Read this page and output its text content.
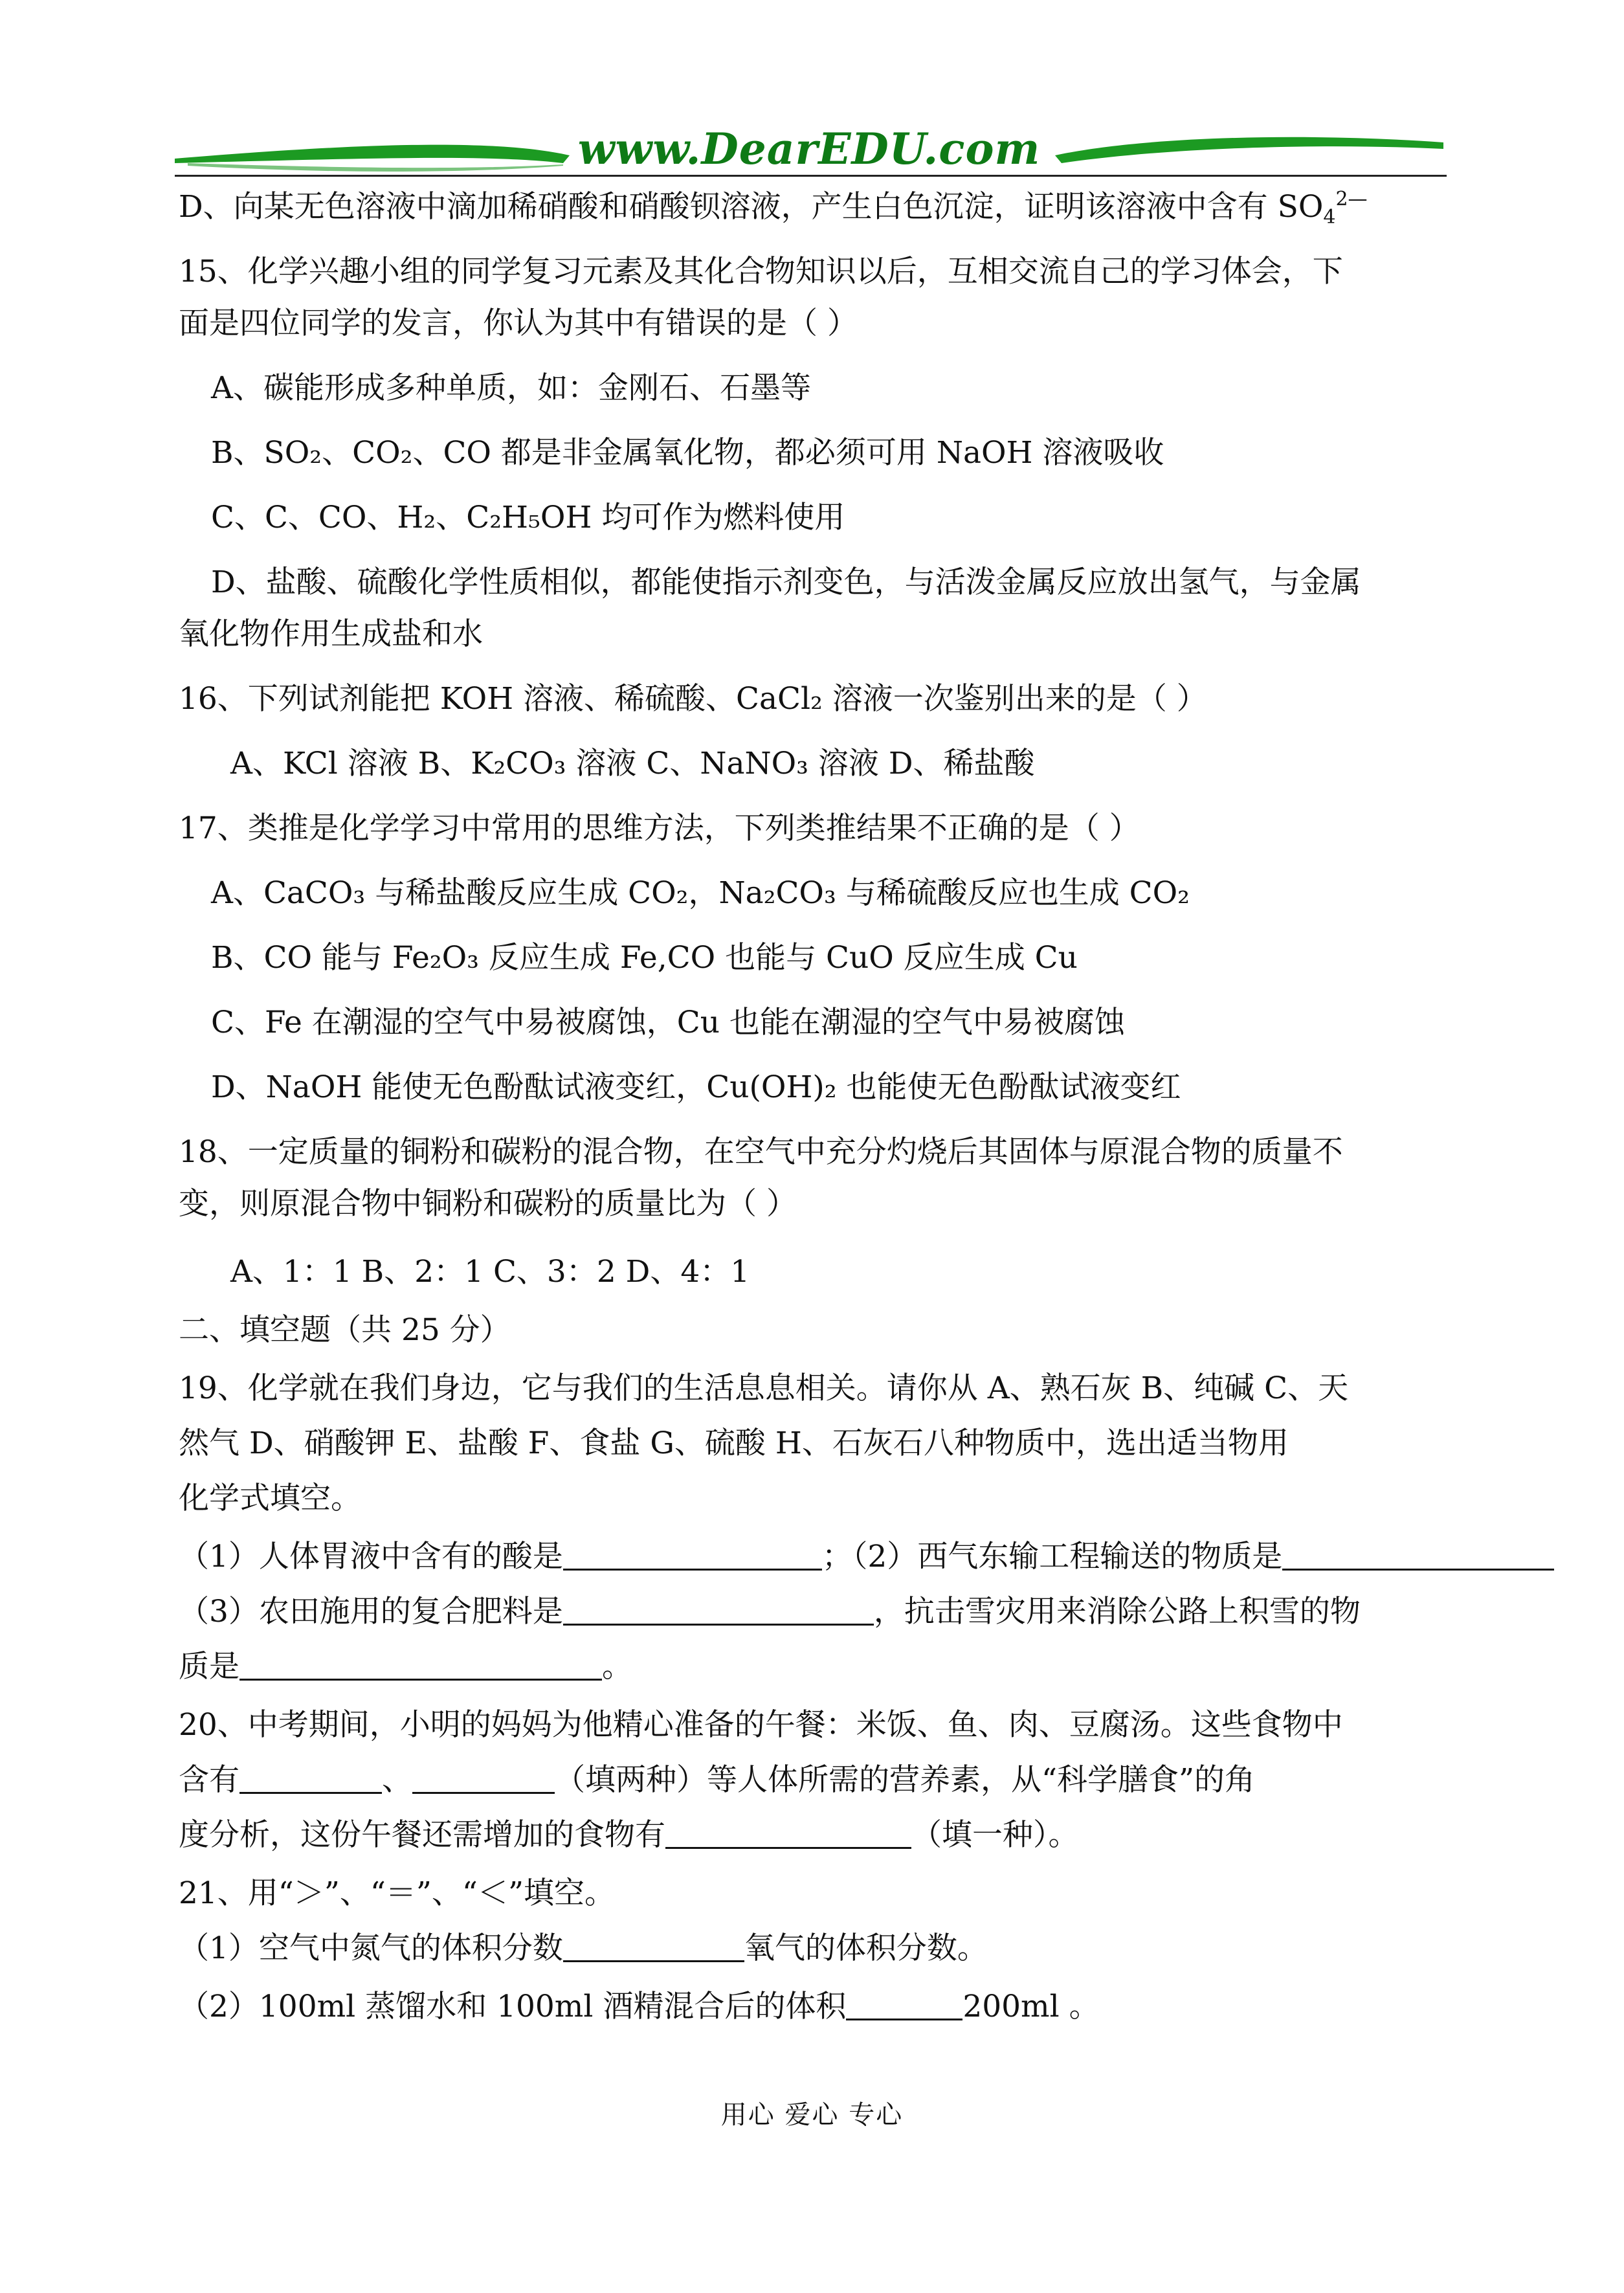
www.DearEDU.com
D、向某无色溶液中滴加稀硝酸和硝酸钡溶液，产生白色沉淀，证明该溶液中含有 $SO_4^{2—}$
15、化学兴趣小组的同学复习元素及其化合物知识以后，互相交流自己的学习体会，下
面是四位同学的发言，你认为其中有错误的是（ ）
A、碳能形成多种单质，如：金刚石、石墨等
B、SO₂、CO₂、CO 都是非金属氧化物，都必须可用 NaOH 溶液吸收
C、C、CO、H₂、C₂H₅OH 均可作为燃料使用
D、盐酸、硫酸化学性质相似，都能使指示剂变色，与活泼金属反应放出氢气，与金属
氧化物作用生成盐和水
16、下列试剂能把 KOH 溶液、稀硫酸、CaCl₂ 溶液一次鉴别出来的是（ ）
A、KCl 溶液 B、K₂CO₃ 溶液 C、NaNO₃ 溶液 D、稀盐酸
17、类推是化学学习中常用的思维方法，下列类推结果不正确的是（ ）
A、CaCO₃ 与稀盐酸反应生成 CO₂，Na₂CO₃ 与稀硫酸反应也生成 CO₂
B、CO 能与 Fe₂O₃ 反应生成 Fe,CO 也能与 CuO 反应生成 Cu
C、Fe 在潮湿的空气中易被腐蚀，Cu 也能在潮湿的空气中易被腐蚀
D、NaOH 能使无色酚酞试液变红，Cu(OH)₂ 也能使无色酚酞试液变红
18、一定质量的铜粉和碳粉的混合物，在空气中充分灼烧后其固体与原混合物的质量不
变，则原混合物中铜粉和碳粉的质量比为（ ）
A、1：1 B、2：1 C、3：2 D、4：1
二、填空题（共 25 分）
19、化学就在我们身边，它与我们的生活息息相关。请你从 A、熟石灰 B、纯碱 C、天
然气 D、硝酸钾 E、盐酸 F、食盐 G、硫酸 H、石灰石八种物质中，选出适当物用
化学式填空。
（1）人体胃液中含有的酸是	；（2）西气东输工程输送的物质是
（3）农田施用的复合肥料是	，抗击雪灾用来消除公路上积雪的物
质是	。
20、中考期间，小明的妈妈为他精心准备的午餐：米饭、鱼、肉、豆腐汤。这些食物中
含有	、	（填两种）等人体所需的营养素，从“科学膳食”的角
度分析，这份午餐还需增加的食物有	（填一种）。
21、用“＞”、“＝”、“＜”填空。
（1）空气中氮气的体积分数	氧气的体积分数。
（2）100ml 蒸馏水和 100ml 酒精混合后的体积	200ml 。
用心 爱心 专心
